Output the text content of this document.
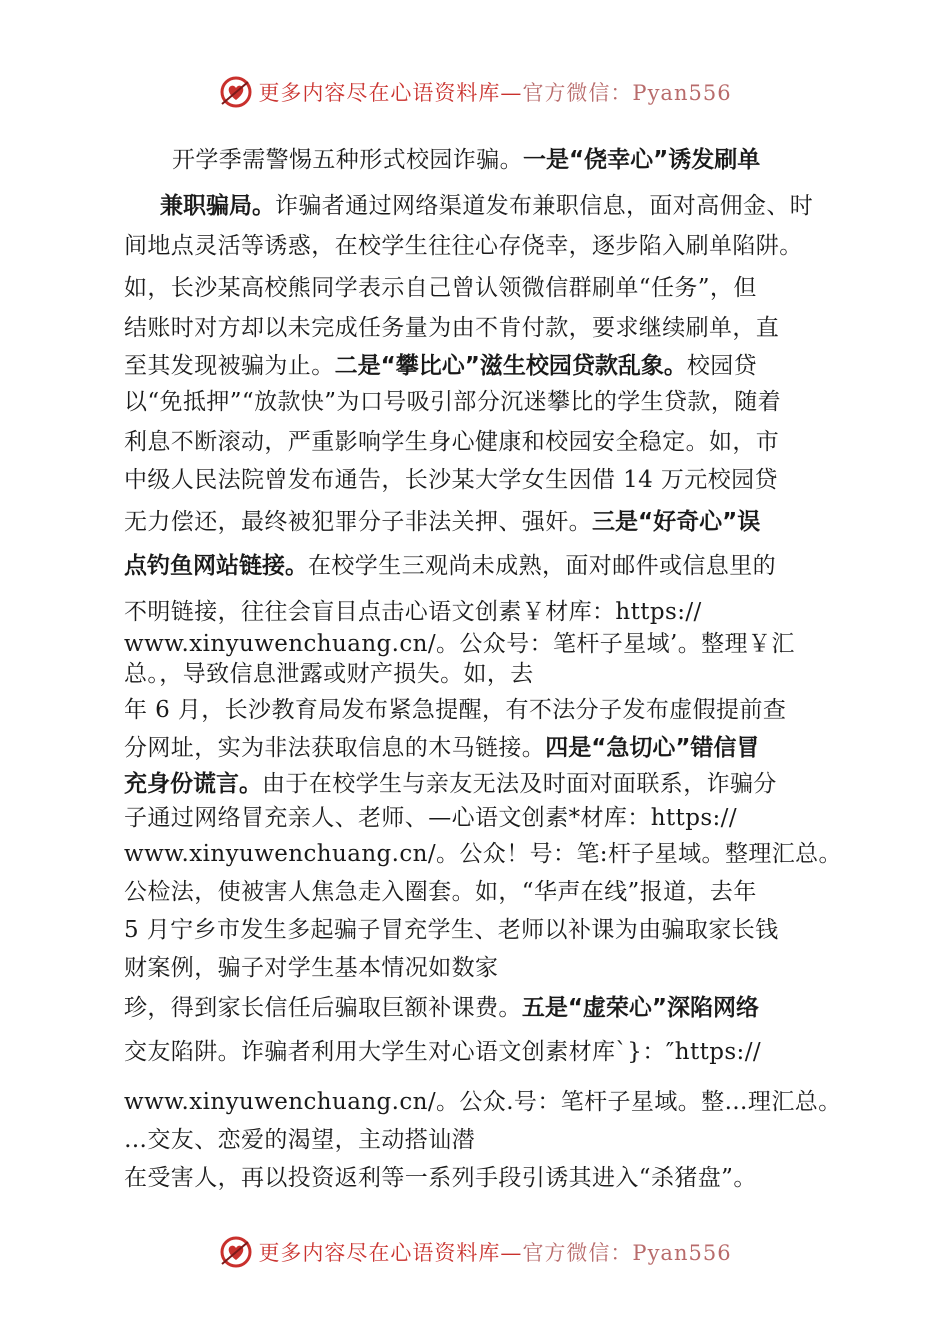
更多内容尽在心语资料库—官方微信：Pyan556
开学季需警惕五种形式校园诈骗。一是“侥幸心”诱发刷单
兼职骗局。诈骗者通过网络渠道发布兼职信息，面对高佣金、时
间地点灵活等诱惑，在校学生往往心存侥幸，逐步陷入刷单陷阱。
如，长沙某高校熊同学表示自己曾认领微信群刷单“任务”，但
结账时对方却以未完成任务量为由不肯付款，要求继续刷单，直
至其发现被骗为止。二是“攀比心”滋生校园贷款乱象。校园贷
以“免抵押”“放款快”为口号吸引部分沉迷攀比的学生贷款，随着
利息不断滚动，严重影响学生身心健康和校园安全稳定。如，市
中级人民法院曾发布通告，长沙某大学女生因借 14 万元校园贷
无力偿还，最终被犯罪分子非法关押、强奸。三是“好奇心”误
点钓鱼网站链接。在校学生三观尚未成熟，面对邮件或信息里的
不明链接，往往会盲目点击心语文创素￥材库：https://
www.xinyuwenchuang.cn/。公众号：笔杆子星域’。整理￥汇
总。，导致信息泄露或财产损失。如，去
年 6 月，长沙教育局发布紧急提醒，有不法分子发布虚假提前查
分网址，实为非法获取信息的木马链接。四是“急切心”错信冒
充身份谎言。由于在校学生与亲友无法及时面对面联系，诈骗分
子通过网络冒充亲人、老师、—心语文创素*材库：https://
www.xinyuwenchuang.cn/。公众！号：笔:杆子星域。整理汇总。
公检法，使被害人焦急走入圈套。如，“华声在线”报道，去年
5 月宁乡市发生多起骗子冒充学生、老师以补课为由骗取家长钱
财案例，骗子对学生基本情况如数家
珍，得到家长信任后骗取巨额补课费。五是“虚荣心”深陷网络
交友陷阱。诈骗者利用大学生对心语文创素材库`}：″https://
www.xinyuwenchuang.cn/。公众.号：笔杆子星域。整…理汇总。
…交友、恋爱的渴望，主动搭讪潜
在受害人，再以投资返利等一系列手段引诱其进入“杀猪盘”。
更多内容尽在心语资料库—官方微信：Pyan556
